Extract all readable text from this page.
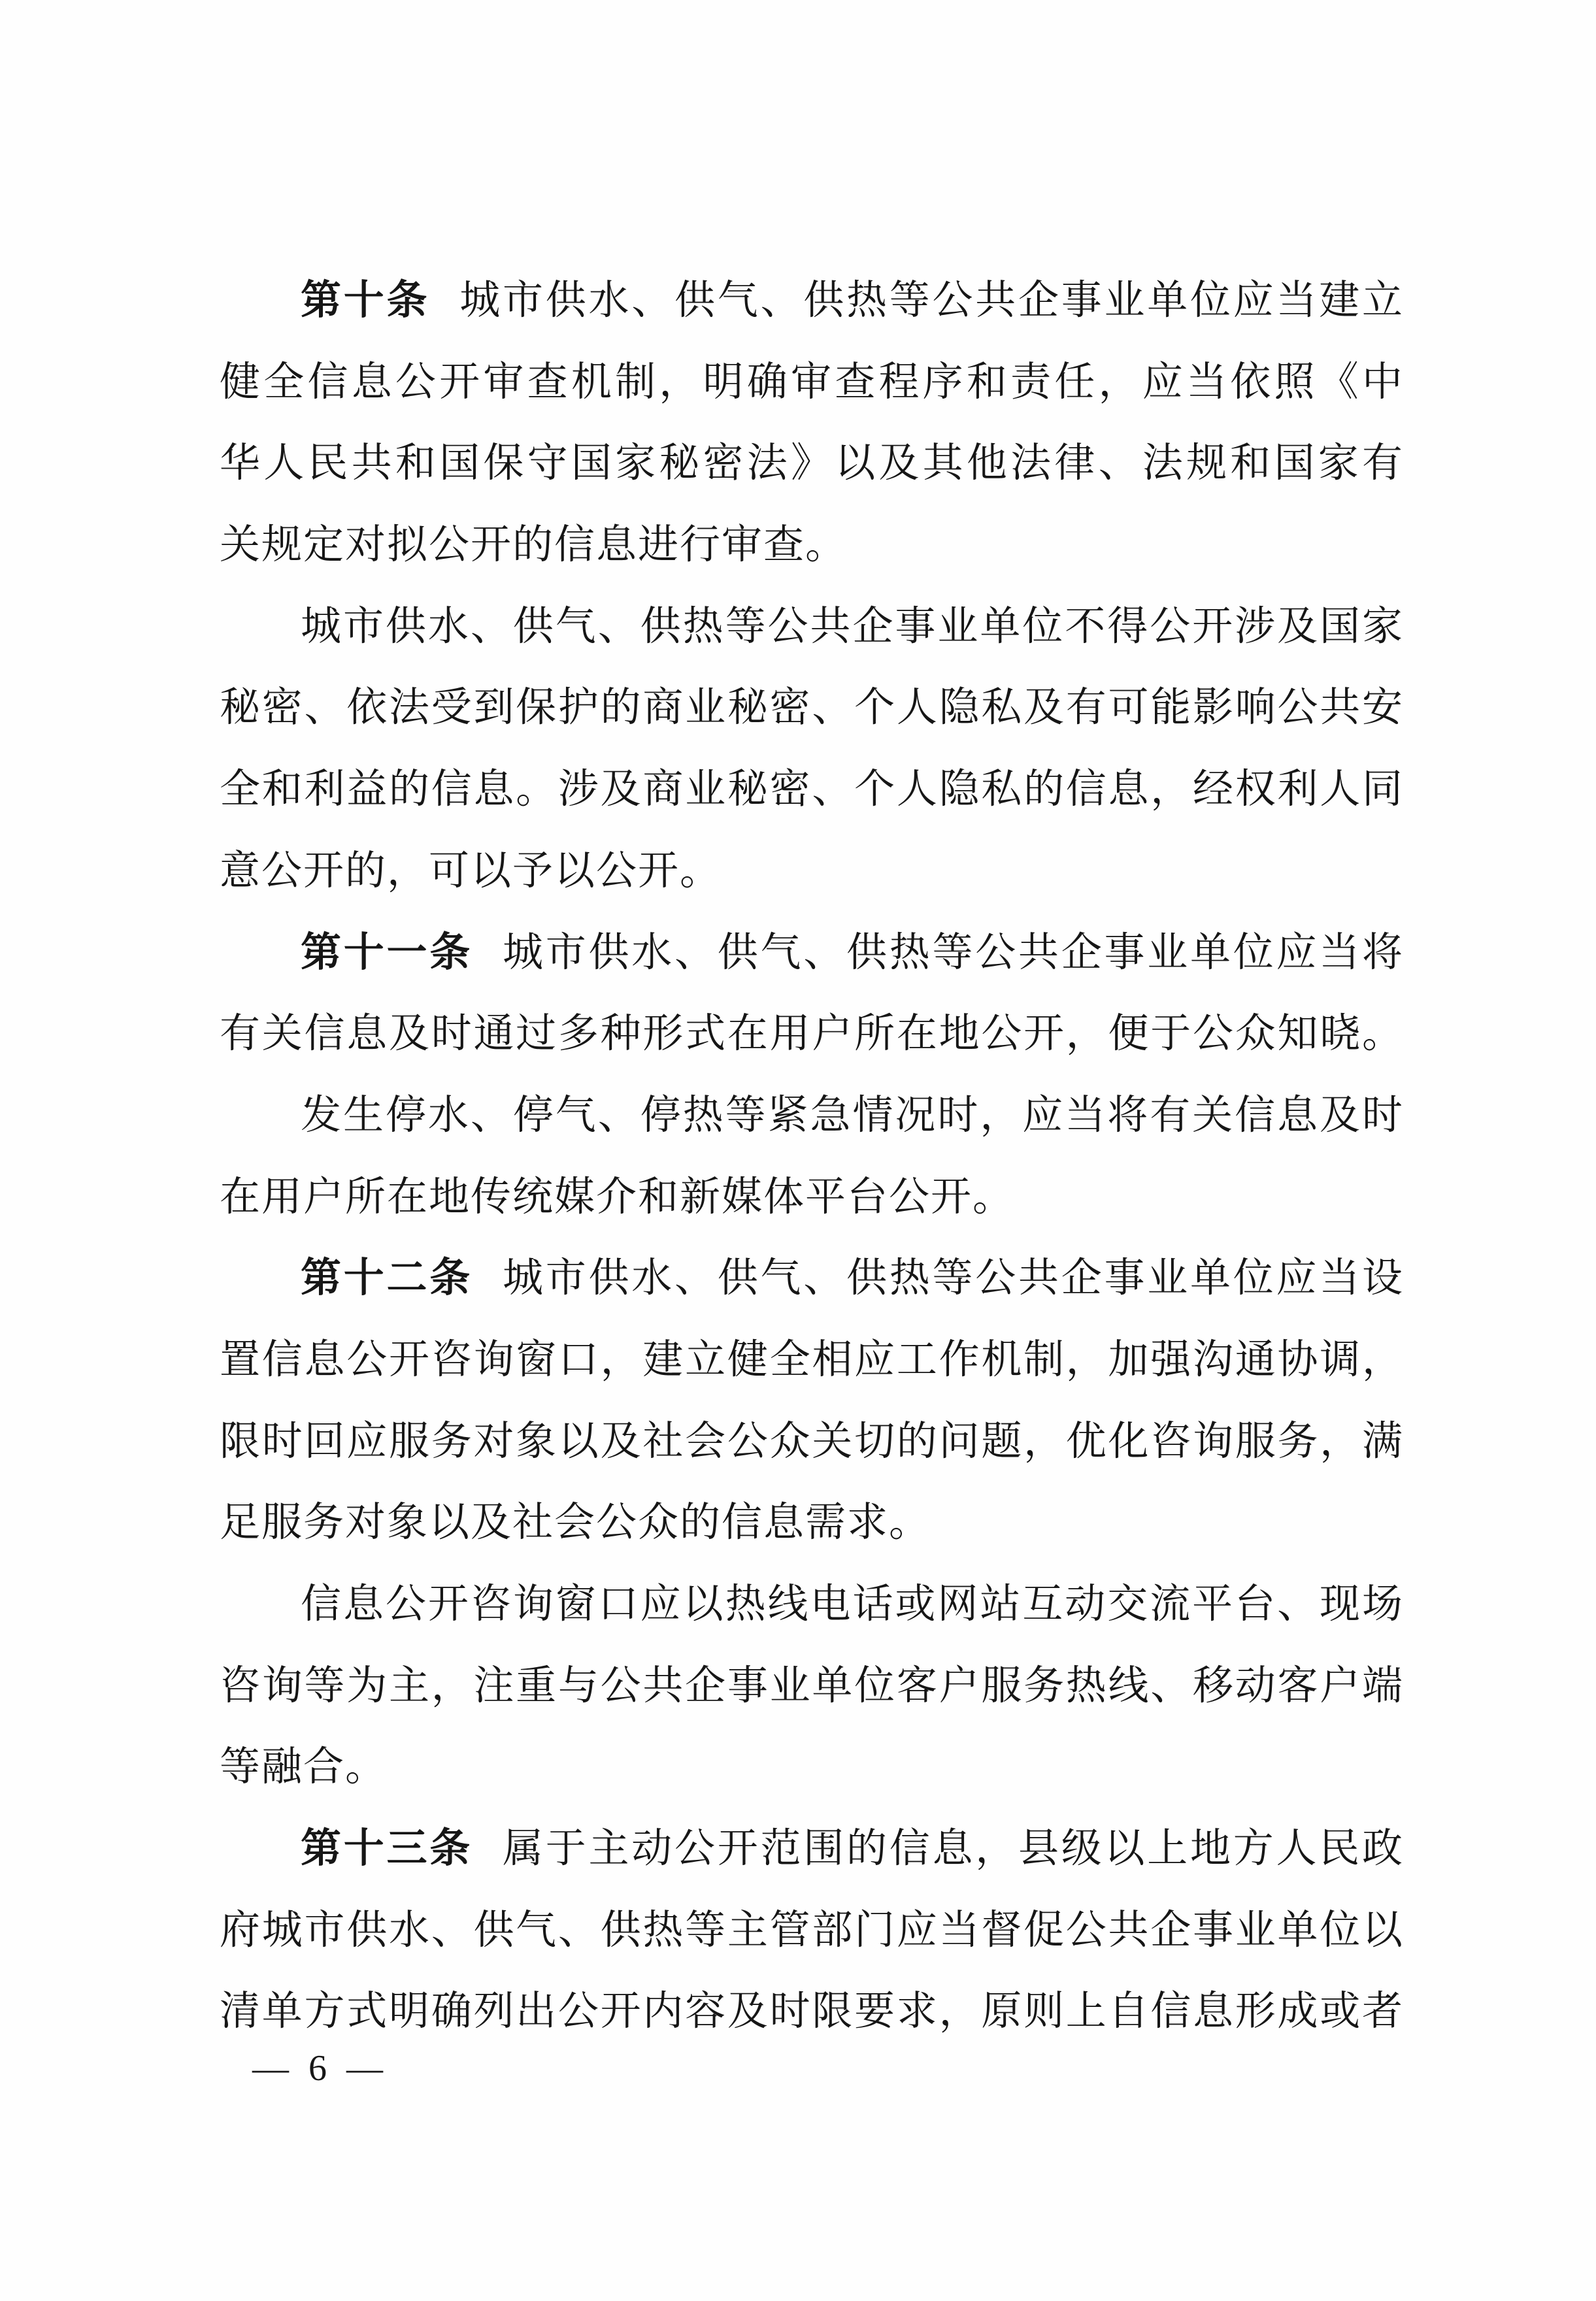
第十条 城市供水、供气、供热等公共企事业单位应当建立
健全信息公开审查机制，明确审查程序和责任，应当依照《中
华人民共和国保守国家秘密法》以及其他法律、法规和国家有
关规定对拟公开的信息进行审查。
城市供水、供气、供热等公共企事业单位不得公开涉及国家
秘密、依法受到保护的商业秘密、个人隐私及有可能影响公共安
全和利益的信息。涉及商业秘密、个人隐私的信息，经权利人同
意公开的，可以予以公开。
第十一条 城市供水、供气、供热等公共企事业单位应当将
有关信息及时通过多种形式在用户所在地公开，便于公众知晓。
发生停水、停气、停热等紧急情况时，应当将有关信息及时
在用户所在地传统媒介和新媒体平台公开。
第十二条 城市供水、供气、供热等公共企事业单位应当设
置信息公开咨询窗口，建立健全相应工作机制，加强沟通协调，
限时回应服务对象以及社会公众关切的问题，优化咨询服务，满
足服务对象以及社会公众的信息需求。
信息公开咨询窗口应以热线电话或网站互动交流平台、现场
咨询等为主，注重与公共企事业单位客户服务热线、移动客户端
等融合。
第十三条 属于主动公开范围的信息，县级以上地方人民政
府城市供水、供气、供热等主管部门应当督促公共企事业单位以
清单方式明确列出公开内容及时限要求，原则上自信息形成或者
— 6 —
